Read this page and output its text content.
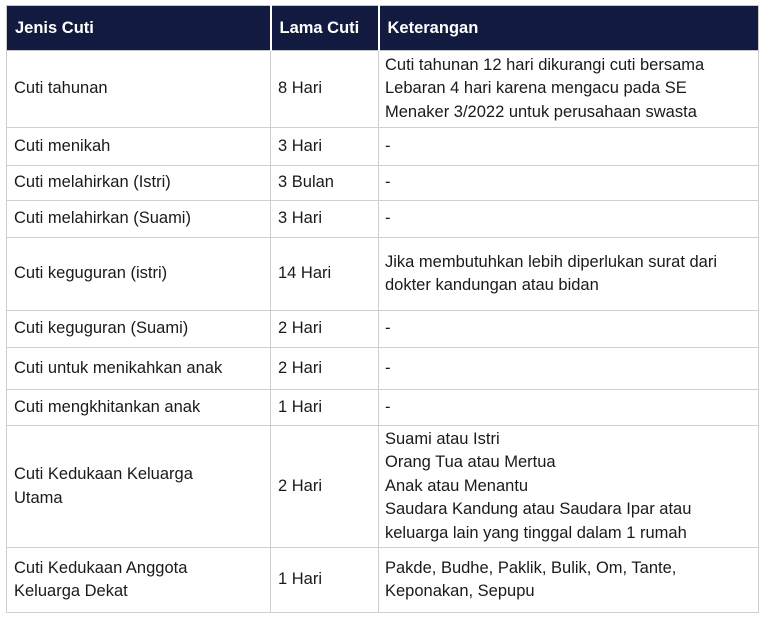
Jenis Cuti	Lama Cuti	Keterangan

Cuti tahunan	8 Hari	Cuti tahunan 12 hari dikurangi cuti bersama
Lebaran 4 hari karena mengacu pada SE
Menaker 3/2022 untuk perusahaan swasta

Cuti menikah	3 Hari	-

Cuti melahirkan (Istri)	3 Bulan	-

Cuti melahirkan (Suami)	3 Hari	-

Cuti keguguran (istri)	14 Hari	Jika membutuhkan lebih diperlukan surat dari
dokter kandungan atau bidan

Cuti keguguran (Suami)	2 Hari	-

Cuti untuk menikahkan anak	2 Hari	-

Cuti mengkhitankan anak	1 Hari	-

Cuti Kedukaan Keluarga
Utama	2 Hari	Suami atau Istri
Orang Tua atau Mertua
Anak atau Menantu
Saudara Kandung atau Saudara Ipar atau
keluarga lain yang tinggal dalam 1 rumah

Cuti Kedukaan Anggota
Keluarga Dekat	1 Hari	Pakde, Budhe, Paklik, Bulik, Om, Tante,
Keponakan, Sepupu
